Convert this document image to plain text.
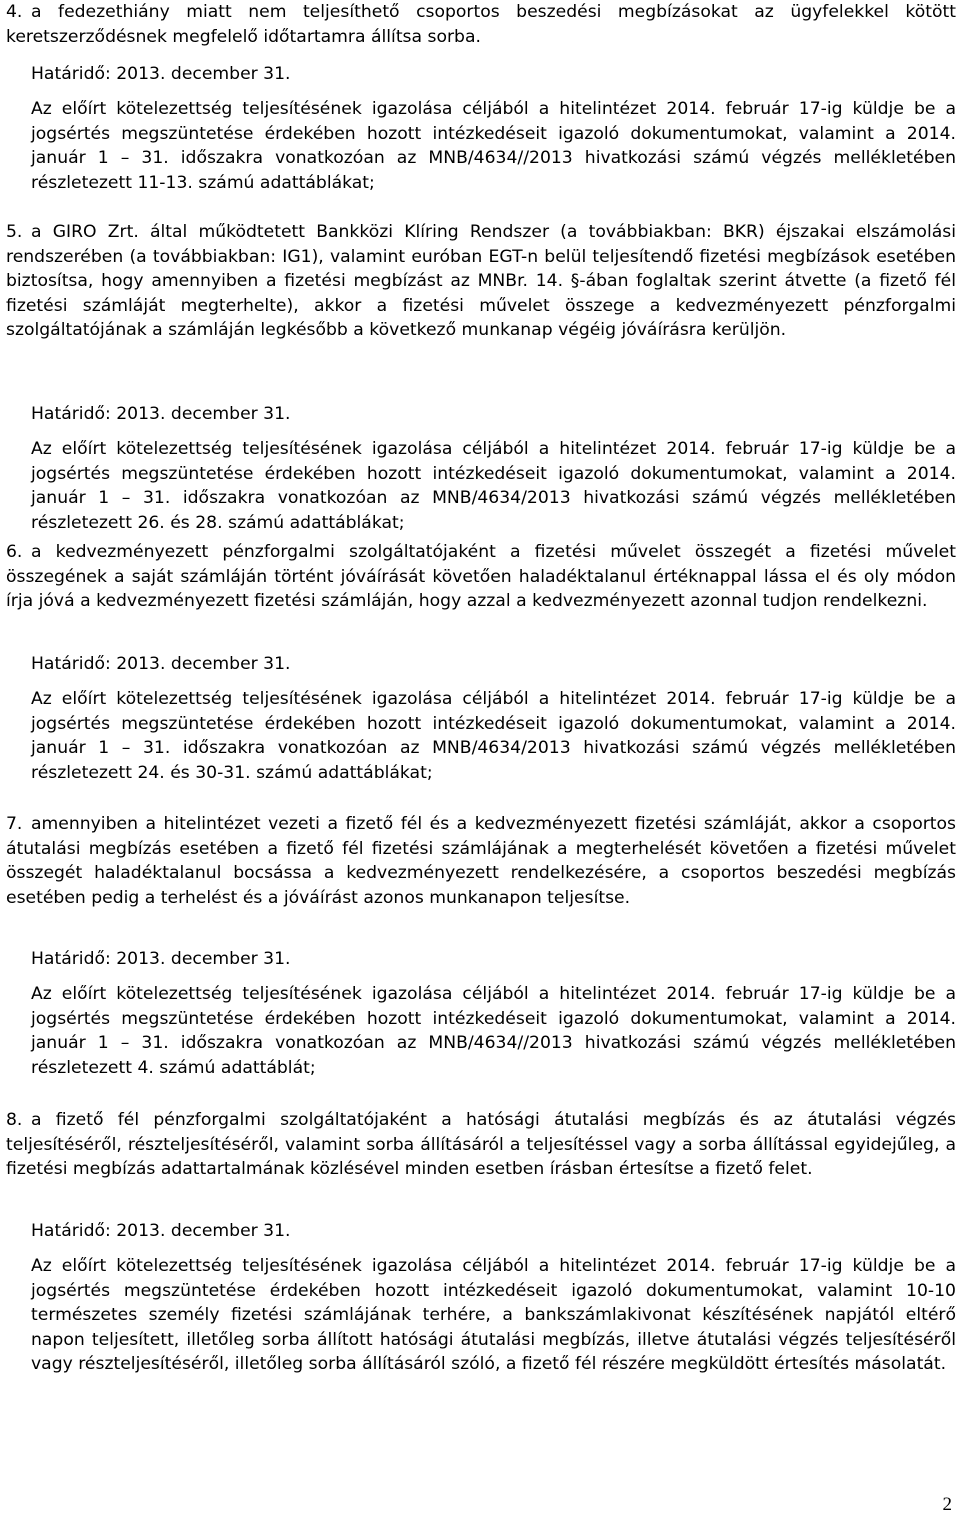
4. a fedezethiány miatt nem teljesíthető csoportos beszedési megbízásokat az ügyfelekkel kötött keretszerződésnek megfelelő időtartamra állítsa sorba.
Határidő: 2013. december 31.
Az előírt kötelezettség teljesítésének igazolása céljából a hitelintézet 2014. február 17-ig küldje be a jogsértés megszüntetése érdekében hozott intézkedéseit igazoló dokumentumokat, valamint a 2014. január 1 – 31. időszakra vonatkozóan az MNB/4634//2013 hivatkozási számú végzés mellékletében részletezett 11-13. számú adattáblákat;
5. a GIRO Zrt. által működtetett Bankközi Klíring Rendszer (a továbbiakban: BKR) éjszakai elszámolási rendszerében (a továbbiakban: IG1), valamint euróban EGT-n belül teljesítendő fizetési megbízások esetében biztosítsa, hogy amennyiben a fizetési megbízást az MNBr. 14. §-ában foglaltak szerint átvette (a fizető fél fizetési számláját megterhelte), akkor a fizetési művelet összege a kedvezményezett pénzforgalmi szolgáltatójának a számláján legkésőbb a következő munkanap végéig jóváírásra kerüljön.
Határidő: 2013. december 31.
Az előírt kötelezettség teljesítésének igazolása céljából a hitelintézet 2014. február 17-ig küldje be a jogsértés megszüntetése érdekében hozott intézkedéseit igazoló dokumentumokat, valamint a 2014. január 1 – 31. időszakra vonatkozóan az MNB/4634/2013 hivatkozási számú végzés mellékletében részletezett 26. és 28. számú adattáblákat;
6. a kedvezményezett pénzforgalmi szolgáltatójaként a fizetési művelet összegét a fizetési művelet összegének a saját számláján történt jóváírását követően haladéktalanul értéknappal lássa el és oly módon írja jóvá a kedvezményezett fizetési számláján, hogy azzal a kedvezményezett azonnal tudjon rendelkezni.
Határidő: 2013. december 31.
Az előírt kötelezettség teljesítésének igazolása céljából a hitelintézet 2014. február 17-ig küldje be a jogsértés megszüntetése érdekében hozott intézkedéseit igazoló dokumentumokat, valamint a 2014. január 1 – 31. időszakra vonatkozóan az MNB/4634/2013 hivatkozási számú végzés mellékletében részletezett 24. és 30-31. számú adattáblákat;
7. amennyiben a hitelintézet vezeti a fizető fél és a kedvezményezett fizetési számláját, akkor a csoportos átutalási megbízás esetében a fizető fél fizetési számlájának a megterhelését követően a fizetési művelet összegét haladéktalanul bocsássa a kedvezményezett rendelkezésére, a csoportos beszedési megbízás esetében pedig a terhelést és a jóváírást azonos munkanapon teljesítse.
Határidő: 2013. december 31.
Az előírt kötelezettség teljesítésének igazolása céljából a hitelintézet 2014. február 17-ig küldje be a jogsértés megszüntetése érdekében hozott intézkedéseit igazoló dokumentumokat, valamint a 2014. január 1 – 31. időszakra vonatkozóan az MNB/4634//2013 hivatkozási számú végzés mellékletében részletezett 4. számú adattáblát;
8. a fizető fél pénzforgalmi szolgáltatójaként a hatósági átutalási megbízás és az átutalási végzés teljesítéséről, részteljesítéséről, valamint sorba állításáról a teljesítéssel vagy a sorba állítással egyidejűleg, a fizetési megbízás adattartalmának közlésével minden esetben írásban értesítse a fizető felet.
Határidő: 2013. december 31.
Az előírt kötelezettség teljesítésének igazolása céljából a hitelintézet 2014. február 17-ig küldje be a jogsértés megszüntetése érdekében hozott intézkedéseit igazoló dokumentumokat, valamint 10-10 természetes személy fizetési számlájának terhére, a bankszámlakivonat készítésének napjától eltérő napon teljesített, illetőleg sorba állított hatósági átutalási megbízás, illetve átutalási végzés teljesítéséről vagy részteljesítéséről, illetőleg sorba állításáról szóló, a fizető fél részére megküldött értesítés másolatát.
2
